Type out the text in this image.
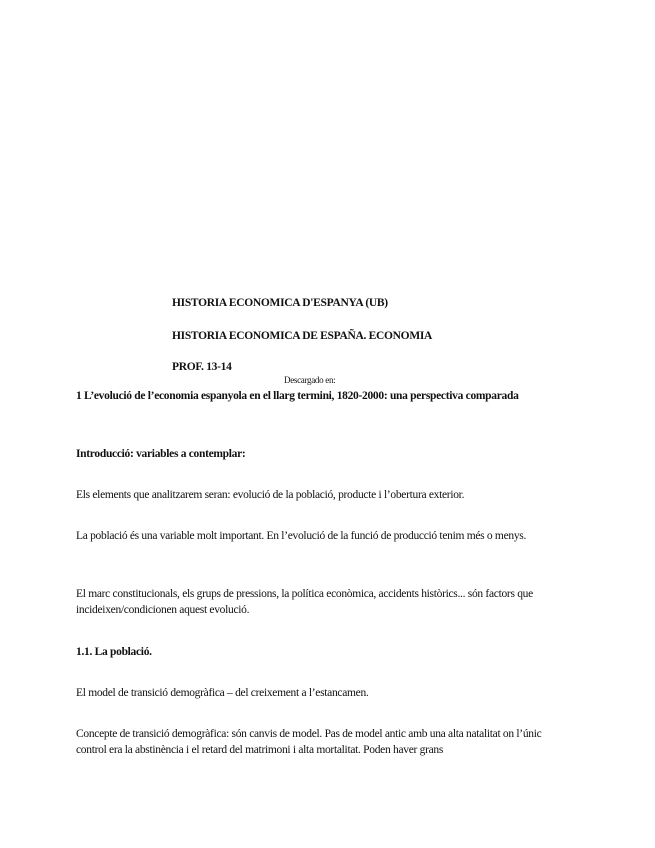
HISTORIA ECONOMICA D'ESPANYA (UB)

HISTORIA ECONOMICA DE ESPAÑA. ECONOMIA

PROF. 13-14

Descargado en:

1 L’evolució de l’economia espanyola en el llarg termini, 1820-2000: una perspectiva comparada

Introducció: variables a contemplar:

Els elements que analitzarem seran: evolució de la població, producte i l’obertura exterior.

La població és una variable molt important. En l’evolució de la funció de producció tenim més o menys.

El marc constitucionals, els grups de pressions, la política econòmica, accidents històrics... són factors que incideixen/condicionen aquest evolució.

1.1. La població.

El model de transició demogràfica – del creixement a l’estancamen.

Concepte de transició demogràfica: són canvis de model. Pas de model antic amb una alta natalitat on l’únic control era la abstinència i el retard del matrimoni i alta mortalitat. Poden haver grans
